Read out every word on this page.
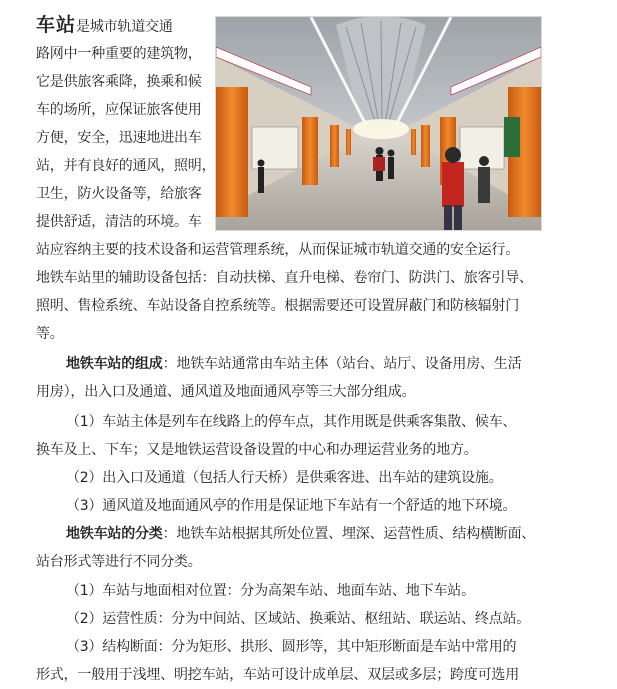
车站是城市轨道交通
路网中一种重要的建筑物，
它是供旅客乘降，换乘和候
车的场所，应保证旅客使用
方便，安全，迅速地进出车
站，并有良好的通风，照明，
卫生，防火设备等，给旅客
提供舒适，清洁的环境。车
站应容纳主要的技术设备和运营管理系统，从而保证城市轨道交通的安全运行。
地铁车站里的辅助设备包括：自动扶梯、直升电梯、卷帘门、防洪门、旅客引导、
照明、售检系统、车站设备自控系统等。根据需要还可设置屏蔽门和防核辐射门
等。
地铁车站的组成：地铁车站通常由车站主体（站台、站厅、设备用房、生活
用房），出入口及通道、通风道及地面通风亭等三大部分组成。
（1）车站主体是列车在线路上的停车点，其作用既是供乘客集散、候车、
换车及上、下车；又是地铁运营设备设置的中心和办理运营业务的地方。
（2）出入口及通道（包括人行天桥）是供乘客进、出车站的建筑设施。
（3）通风道及地面通风亭的作用是保证地下车站有一个舒适的地下环境。
地铁车站的分类：地铁车站根据其所处位置、埋深、运营性质、结构横断面、
站台形式等进行不同分类。
（1）车站与地面相对位置：分为高架车站、地面车站、地下车站。
（2）运营性质：分为中间站、区域站、换乘站、枢纽站、联运站、终点站。
（3）结构断面：分为矩形、拱形、圆形等，其中矩形断面是车站中常用的
形式，一般用于浅埋、明挖车站，车站可设计成单层、双层或多层；跨度可选用
